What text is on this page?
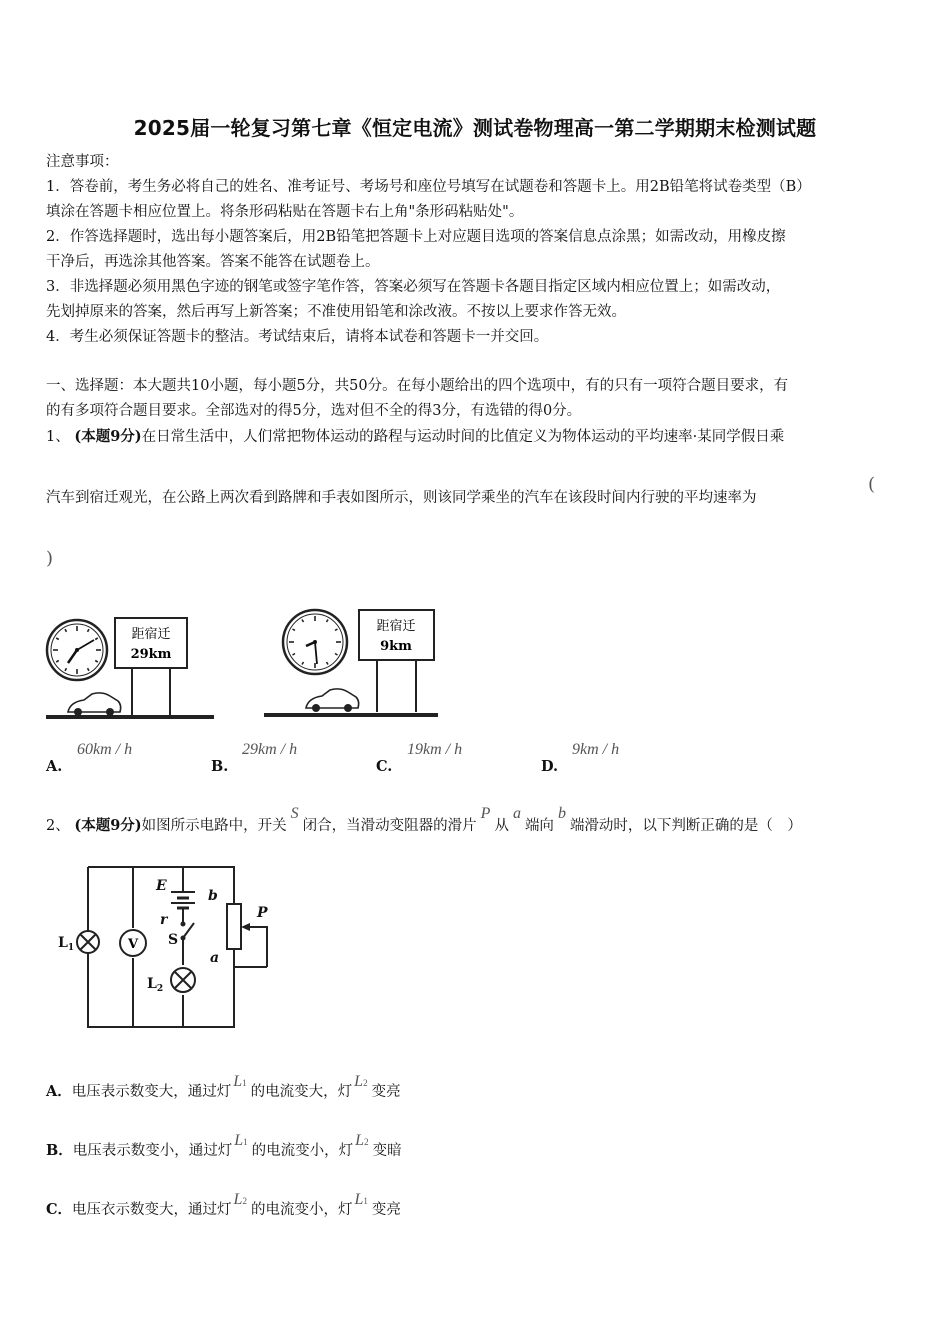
2025届一轮复习第七章《恒定电流》测试卷物理高一第二学期期末检测试题
注意事项：
1．答卷前，考生务必将自己的姓名、准考证号、考场号和座位号填写在试题卷和答题卡上。用2B铅笔将试卷类型（B）
填涂在答题卡相应位置上。将条形码粘贴在答题卡右上角"条形码粘贴处"。
2．作答选择题时，选出每小题答案后，用2B铅笔把答题卡上对应题目选项的答案信息点涂黑；如需改动，用橡皮擦
干净后，再选涂其他答案。答案不能答在试题卷上。
3．非选择题必须用黑色字迹的钢笔或签字笔作答，答案必须写在答题卡各题目指定区域内相应位置上；如需改动，
先划掉原来的答案，然后再写上新答案；不准使用铅笔和涂改液。不按以上要求作答无效。
4．考生必须保证答题卡的整洁。考试结束后，请将本试卷和答题卡一并交回。
一、选择题：本大题共10小题，每小题5分，共50分。在每小题给出的四个选项中，有的只有一项符合题目要求，有
的有多项符合题目要求。全部选对的得5分，选对但不全的得3分，有选错的得0分。
1、 (本题9分)在日常生活中，人们常把物体运动的路程与运动时间的比值定义为物体运动的平均速率·某同学假日乘
汽车到宿迁观光，在公路上两次看到路牌和手表如图所示，则该同学乘坐的汽车在该段时间内行驶的平均速率为
(
)
距宿迁
29km
距宿迁
9km
A.
60km / h
B.
29km / h
C.
19km / h
D.
9km / h
2、 (本题9分)如图所示电路中，开关S闭合，当滑动变阻器的滑片P从a端向b端滑动时，以下判断正确的是（　）
V
E
b
r	P
a
S
$L_1$
$L_2$
A．电压表示数变大，通过灯L1的电流变大，灯L2变亮
B．电压表示数变小，通过灯L1的电流变小，灯L2变暗
C．电压衣示数变大，通过灯L2的电流变小，灯L1变亮
